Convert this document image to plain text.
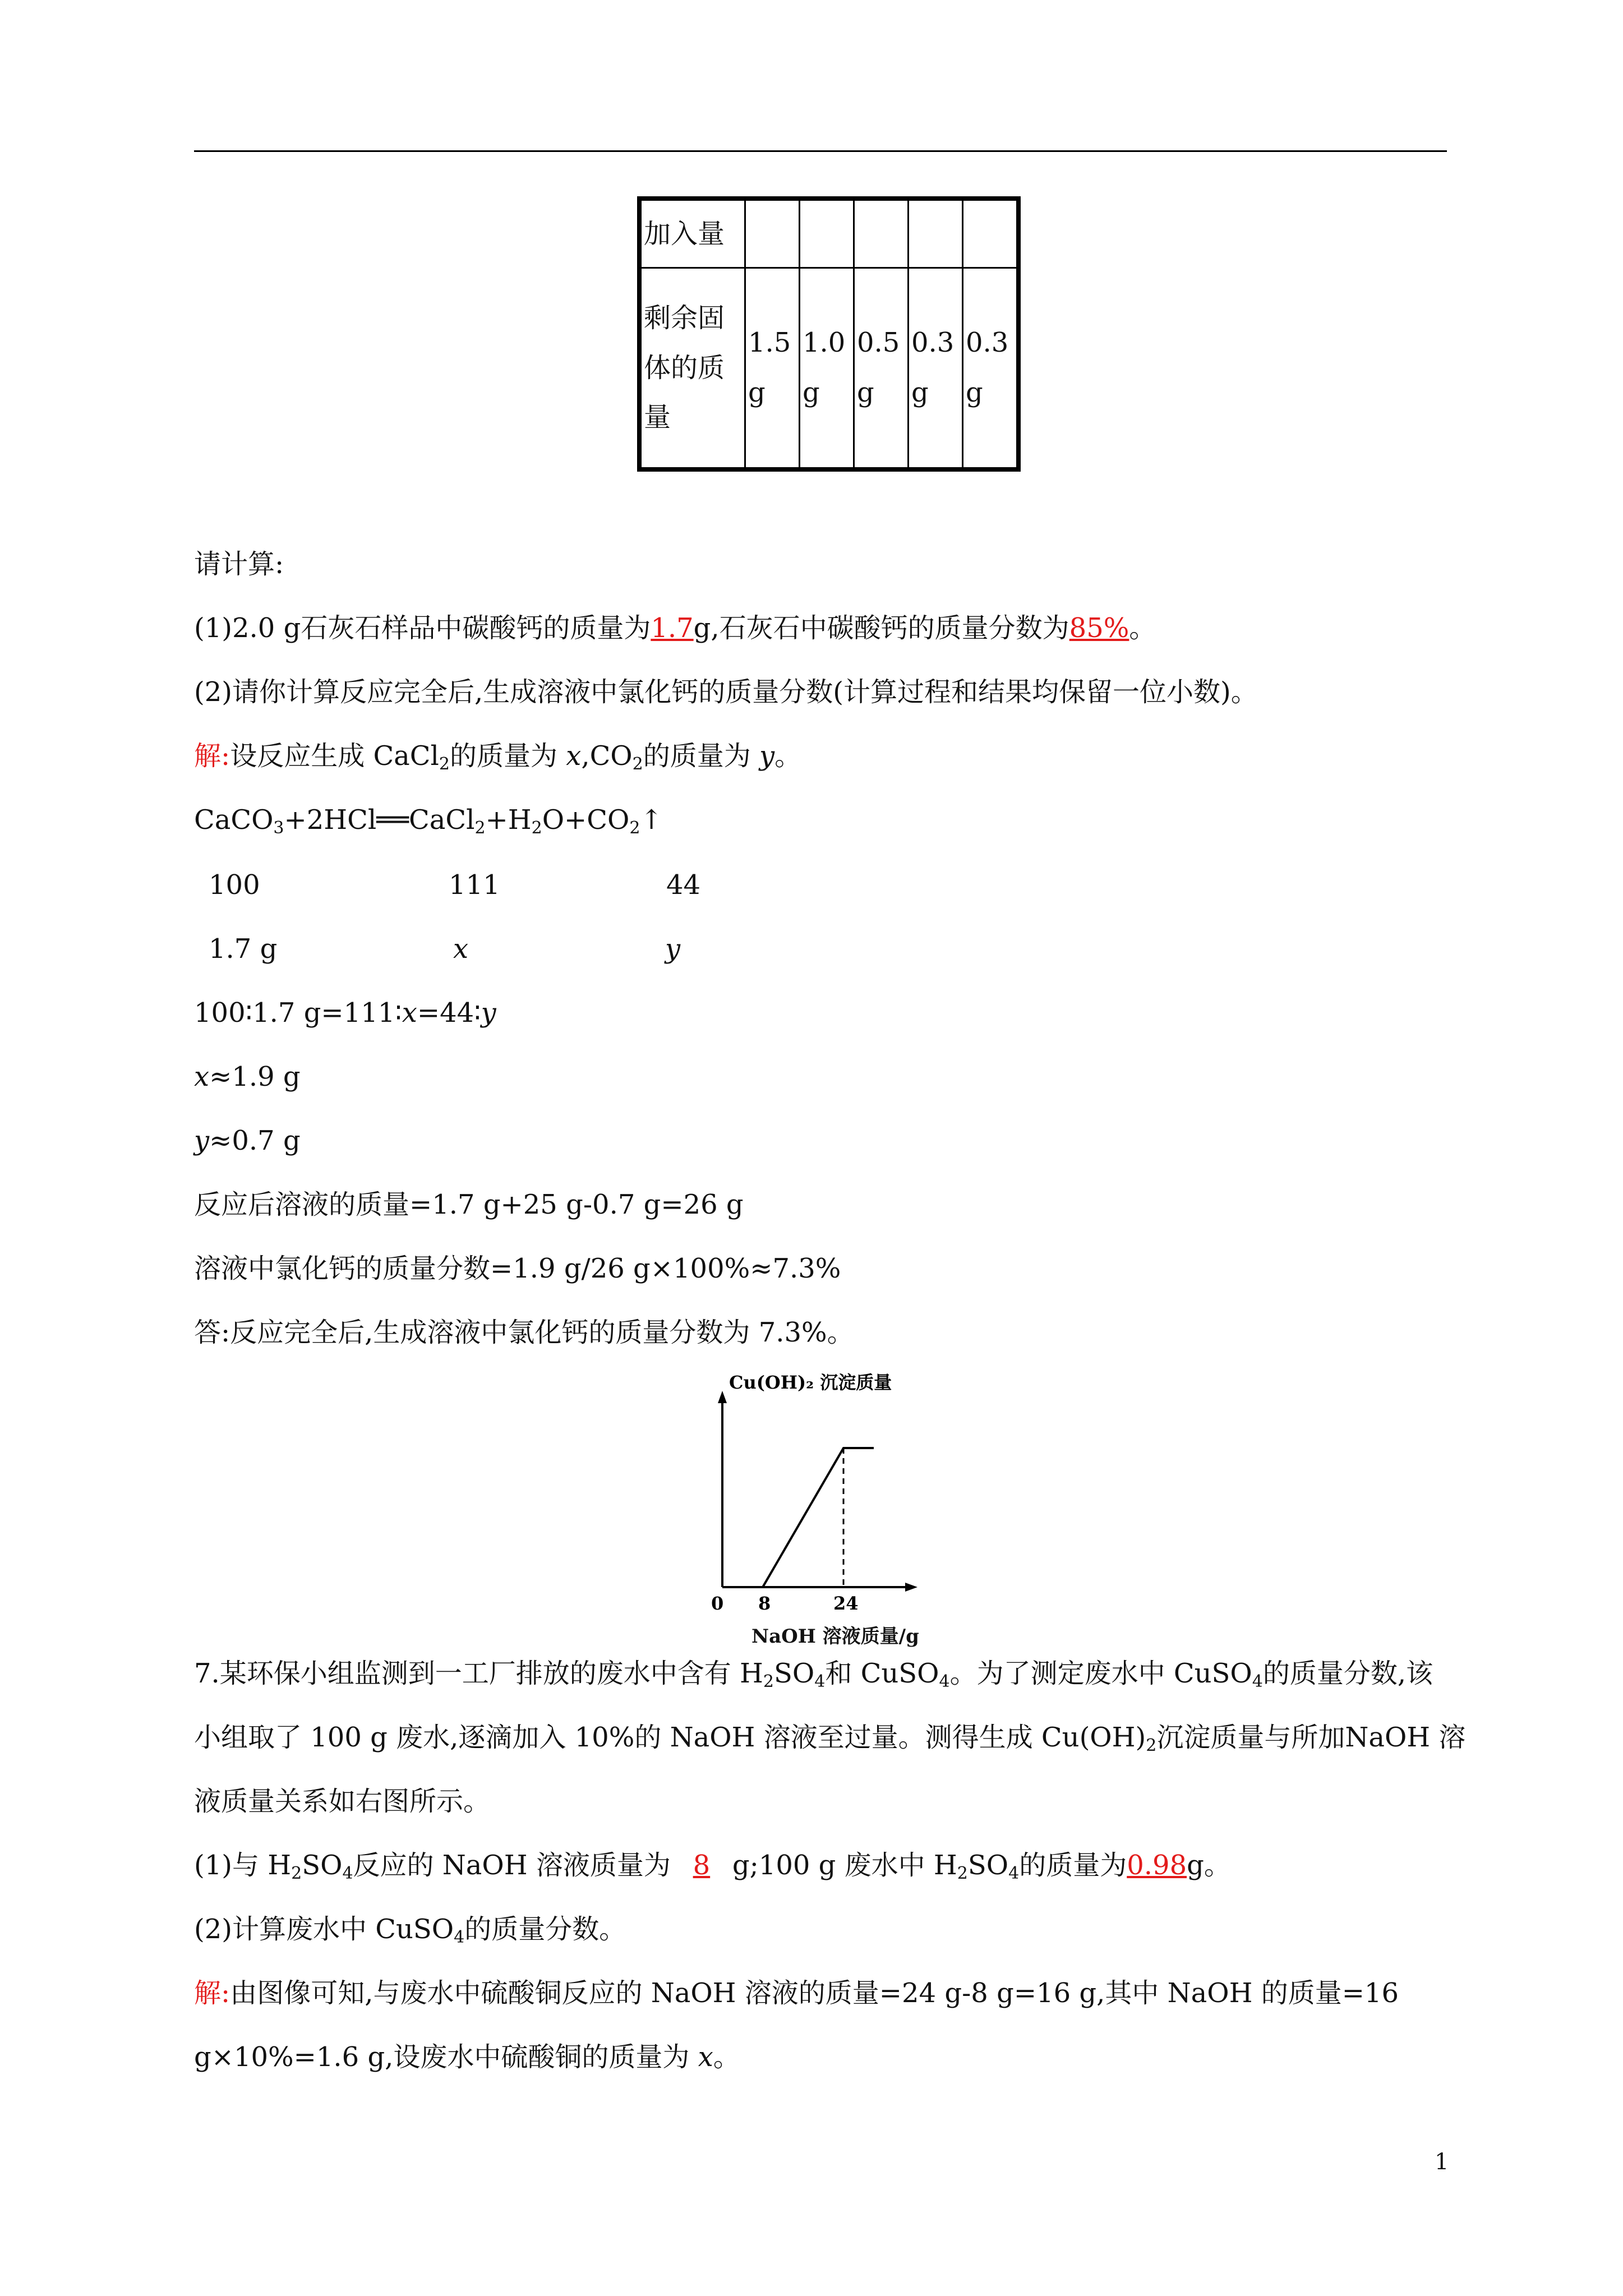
加入量					
剩余固体的质量	1.5 g	1.0 g	0.5 g	0.3 g	0.3 g
请计算:
(1)2.0 g石灰石样品中碳酸钙的质量为1.7g,石灰石中碳酸钙的质量分数为85%。
(2)请你计算反应完全后,生成溶液中氯化钙的质量分数(计算过程和结果均保留一位小数)。
解:设反应生成 CaCl$_2$的质量为 $x,CO_2$的质量为 y。
$CaCO_3+2HCl══CaCl_2+H_2O+CO_2↑$
100	111	44
1.7 g	x	y
100∶1.7 g=111∶x=44∶y
x≈1.9 g
y≈0.7 g
反应后溶液的质量=1.7 g+25 g-0.7 g=26 g
溶液中氯化钙的质量分数=1.9 g/26 g×100%≈7.3%
答:反应完全后,生成溶液中氯化钙的质量分数为 7.3%。
Cu(OH)₂ 沉淀质量
0 8	24
NaOH 溶液质量/g
7.某环保小组监测到一工厂排放的废水中含有 $H_2SO_4$和 CuSO$_4$。为了测定废水中 CuSO$_4$的质量分数,该
小组取了 100 g 废水,逐滴加入 10%的 NaOH 溶液至过量。测得生成 $Cu(OH)_2$沉淀质量与所加NaOH 溶
液质量关系如右图所示。
(1)与 $H_2SO_4$反应的 NaOH 溶液质量为 8 g;100 g 废水中 $H_2SO_4$的质量为0.98g。
(2)计算废水中 CuSO$_4$的质量分数。
解:由图像可知,与废水中硫酸铜反应的 NaOH 溶液的质量=24 g-8 g=16 g,其中 NaOH 的质量=16
g×10%=1.6 g,设废水中硫酸铜的质量为 x。
1
